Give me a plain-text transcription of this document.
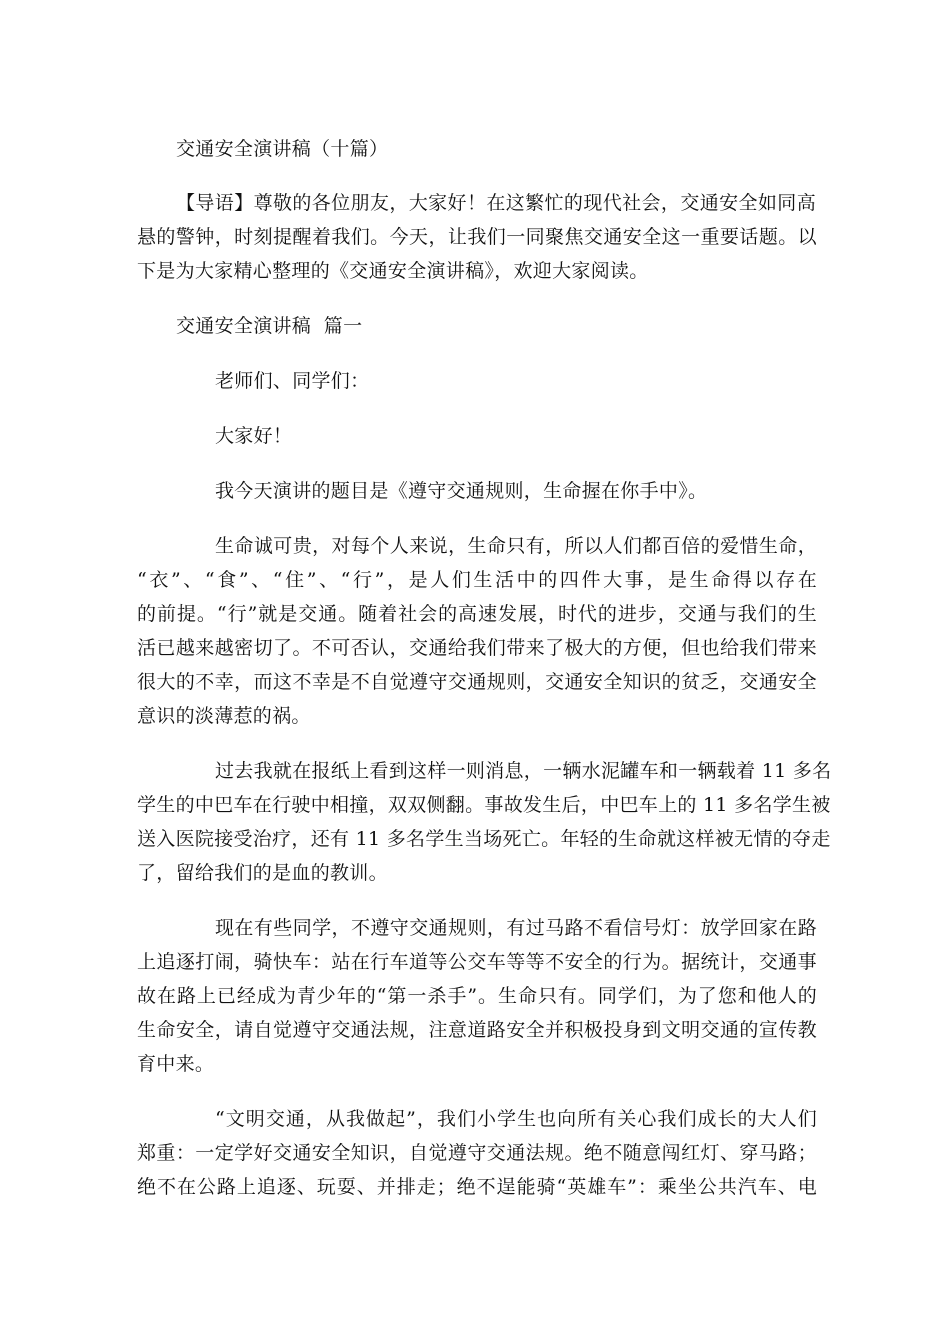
交通安全演讲稿（十篇）
【导语】尊敬的各位朋友，大家好！在这繁忙的现代社会，交通安全如同高
悬的警钟，时刻提醒着我们。今天，让我们一同聚焦交通安全这一重要话题。以
下是为大家精心整理的《交通安全演讲稿》，欢迎大家阅读。
交通安全演讲稿  篇一
老师们、同学们：
大家好！
我今天演讲的题目是《遵守交通规则，生命握在你手中》。
生命诚可贵，对每个人来说，生命只有，所以人们都百倍的爱惜生命，
“衣”、“食”、“住”、“行”，是人们生活中的四件大事，是生命得以存在
的前提。“行”就是交通。随着社会的高速发展，时代的进步，交通与我们的生
活已越来越密切了。不可否认，交通给我们带来了极大的方便，但也给我们带来
很大的不幸，而这不幸是不自觉遵守交通规则，交通安全知识的贫乏，交通安全
意识的淡薄惹的祸。
过去我就在报纸上看到这样一则消息，一辆水泥罐车和一辆载着 11 多名
学生的中巴车在行驶中相撞，双双侧翻。事故发生后，中巴车上的 11 多名学生被
送入医院接受治疗，还有 11 多名学生当场死亡。年轻的生命就这样被无情的夺走
了，留给我们的是血的教训。
现在有些同学，不遵守交通规则，有过马路不看信号灯：放学回家在路
上追逐打闹，骑快车：站在行车道等公交车等等不安全的行为。据统计，交通事
故在路上已经成为青少年的“第一杀手”。生命只有。同学们，为了您和他人的
生命安全，请自觉遵守交通法规，注意道路安全并积极投身到文明交通的宣传教
育中来。
“文明交通，从我做起”，我们小学生也向所有关心我们成长的大人们
郑重：一定学好交通安全知识，自觉遵守交通法规。绝不随意闯红灯、穿马路；
绝不在公路上追逐、玩耍、并排走；绝不逞能骑“英雄车”：乘坐公共汽车、电
